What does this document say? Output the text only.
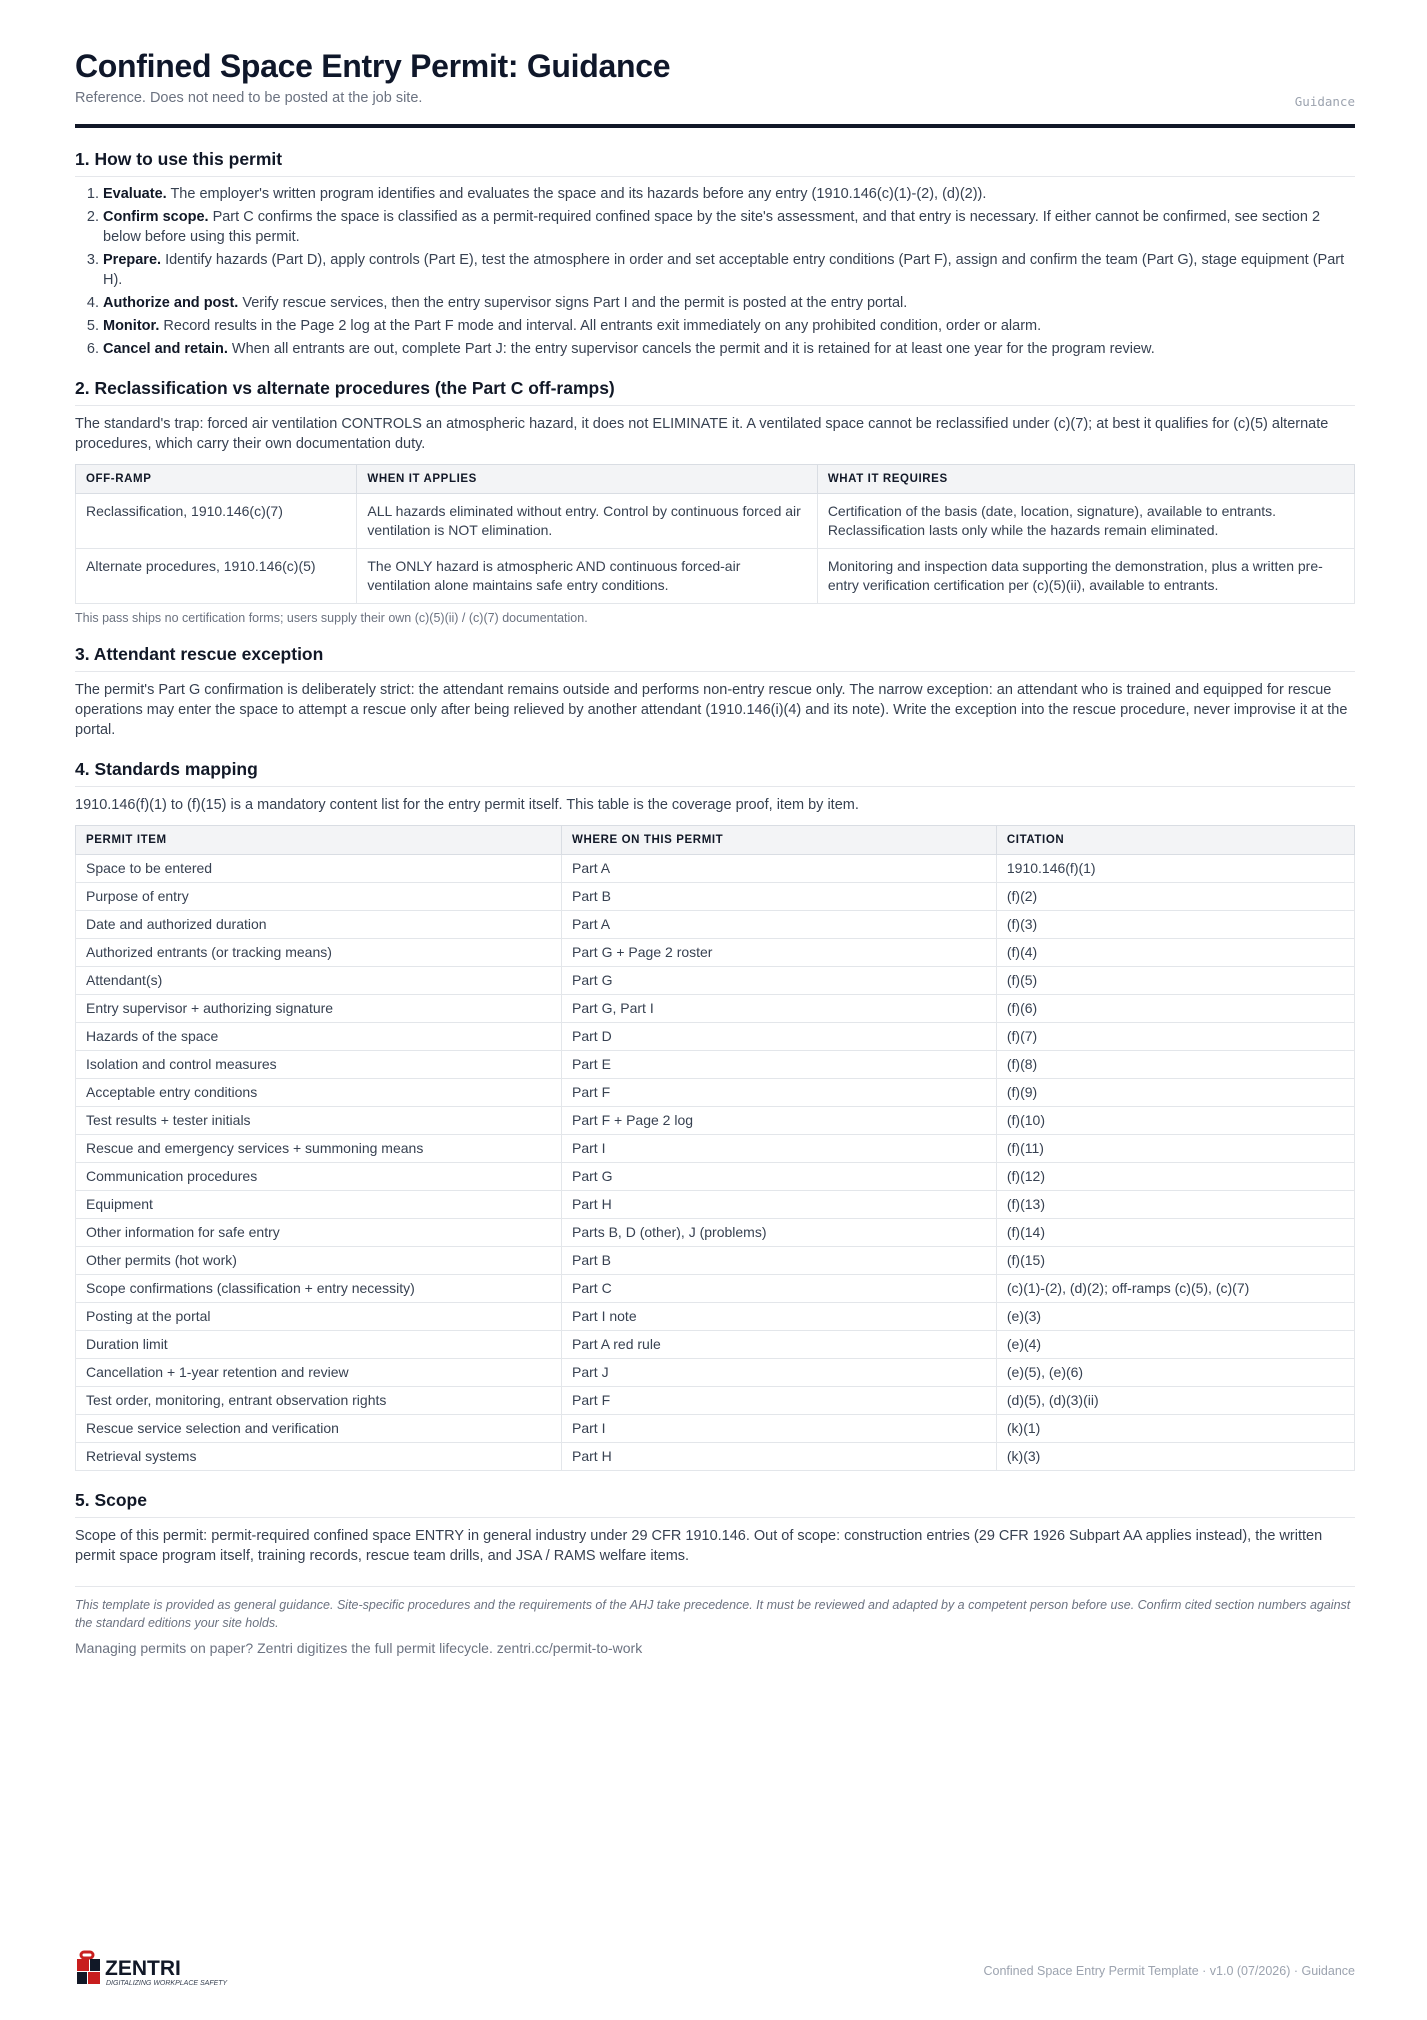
Confined Space Entry Permit: Guidance
Reference. Does not need to be posted at the job site.	Guidance
1. How to use this permit
1. Evaluate. The employer's written program identifies and evaluates the space and its hazards before any entry (1910.146(c)(1)-(2), (d)(2)).
2. Confirm scope. Part C confirms the space is classified as a permit-required confined space by the site's assessment, and that entry is necessary. If either cannot be confirmed, see section 2 below before using this permit.
3. Prepare. Identify hazards (Part D), apply controls (Part E), test the atmosphere in order and set acceptable entry conditions (Part F), assign and confirm the team (Part G), stage equipment (Part H).
4. Authorize and post. Verify rescue services, then the entry supervisor signs Part I and the permit is posted at the entry portal.
5. Monitor. Record results in the Page 2 log at the Part F mode and interval. All entrants exit immediately on any prohibited condition, order or alarm.
6. Cancel and retain. When all entrants are out, complete Part J: the entry supervisor cancels the permit and it is retained for at least one year for the program review.
2. Reclassification vs alternate procedures (the Part C off-ramps)

The standard's trap: forced air ventilation CONTROLS an atmospheric hazard, it does not ELIMINATE it. A ventilated space cannot be reclassified under (c)(7); at best it qualifies for (c)(5) alternate procedures, which carry their own documentation duty.

OFF-RAMP	WHEN IT APPLIES	WHAT IT REQUIRES
Reclassification, 1910.146(c)(7)	ALL hazards eliminated without entry. Control by continuous forced air ventilation is NOT elimination.	Certification of the basis (date, location, signature), available to entrants. Reclassification lasts only while the hazards remain eliminated.
Alternate procedures, 1910.146(c)(5)	The ONLY hazard is atmospheric AND continuous forced-air ventilation alone maintains safe entry conditions.	Monitoring and inspection data supporting the demonstration, plus a written pre-entry verification certification per (c)(5)(ii), available to entrants.
This pass ships no certification forms; users supply their own (c)(5)(ii) / (c)(7) documentation.
3. Attendant rescue exception

The permit's Part G confirmation is deliberately strict: the attendant remains outside and performs non-entry rescue only. The narrow exception: an attendant who is trained and equipped for rescue operations may enter the space to attempt a rescue only after being relieved by another attendant (1910.146(i)(4) and its note). Write the exception into the rescue procedure, never improvise it at the portal.

4. Standards mapping

1910.146(f)(1) to (f)(15) is a mandatory content list for the entry permit itself. This table is the coverage proof, item by item.

PERMIT ITEM	WHERE ON THIS PERMIT	CITATION
Space to be entered	Part A	1910.146(f)(1)
Purpose of entry	Part B	(f)(2)
Date and authorized duration	Part A	(f)(3)
Authorized entrants (or tracking means)	Part G + Page 2 roster	(f)(4)
Attendant(s)	Part G	(f)(5)
Entry supervisor + authorizing signature	Part G, Part I	(f)(6)
Hazards of the space	Part D	(f)(7)
Isolation and control measures	Part E	(f)(8)
Acceptable entry conditions	Part F	(f)(9)
Test results + tester initials	Part F + Page 2 log	(f)(10)
Rescue and emergency services + summoning means	Part I	(f)(11)
Communication procedures	Part G	(f)(12)
Equipment	Part H	(f)(13)
Other information for safe entry	Parts B, D (other), J (problems)	(f)(14)
Other permits (hot work)	Part B	(f)(15)
Scope confirmations (classification + entry necessity)	Part C	(c)(1)-(2), (d)(2); off-ramps (c)(5), (c)(7)
Posting at the portal	Part I note	(e)(3)
Duration limit	Part A red rule	(e)(4)
Cancellation + 1-year retention and review	Part J	(e)(5), (e)(6)
Test order, monitoring, entrant observation rights	Part F	(d)(5), (d)(3)(ii)
Rescue service selection and verification	Part I	(k)(1)
Retrieval systems	Part H	(k)(3)
5. Scope

Scope of this permit: permit-required confined space ENTRY in general industry under 29 CFR 1910.146. Out of scope: construction entries (29 CFR 1926 Subpart AA applies instead), the written permit space program itself, training records, rescue team drills, and JSA / RAMS welfare items.

This template is provided as general guidance. Site-specific procedures and the requirements of the AHJ take precedence. It must be reviewed and adapted by a competent person before use. Confirm cited section numbers against the standard editions your site holds.
Managing permits on paper? Zentri digitizes the full permit lifecycle. zentri.cc/permit-to-work
ZENTRI
DIGITALIZING WORKPLACE SAFETY
Confined Space Entry Permit Template · v1.0 (07/2026) · Guidance
